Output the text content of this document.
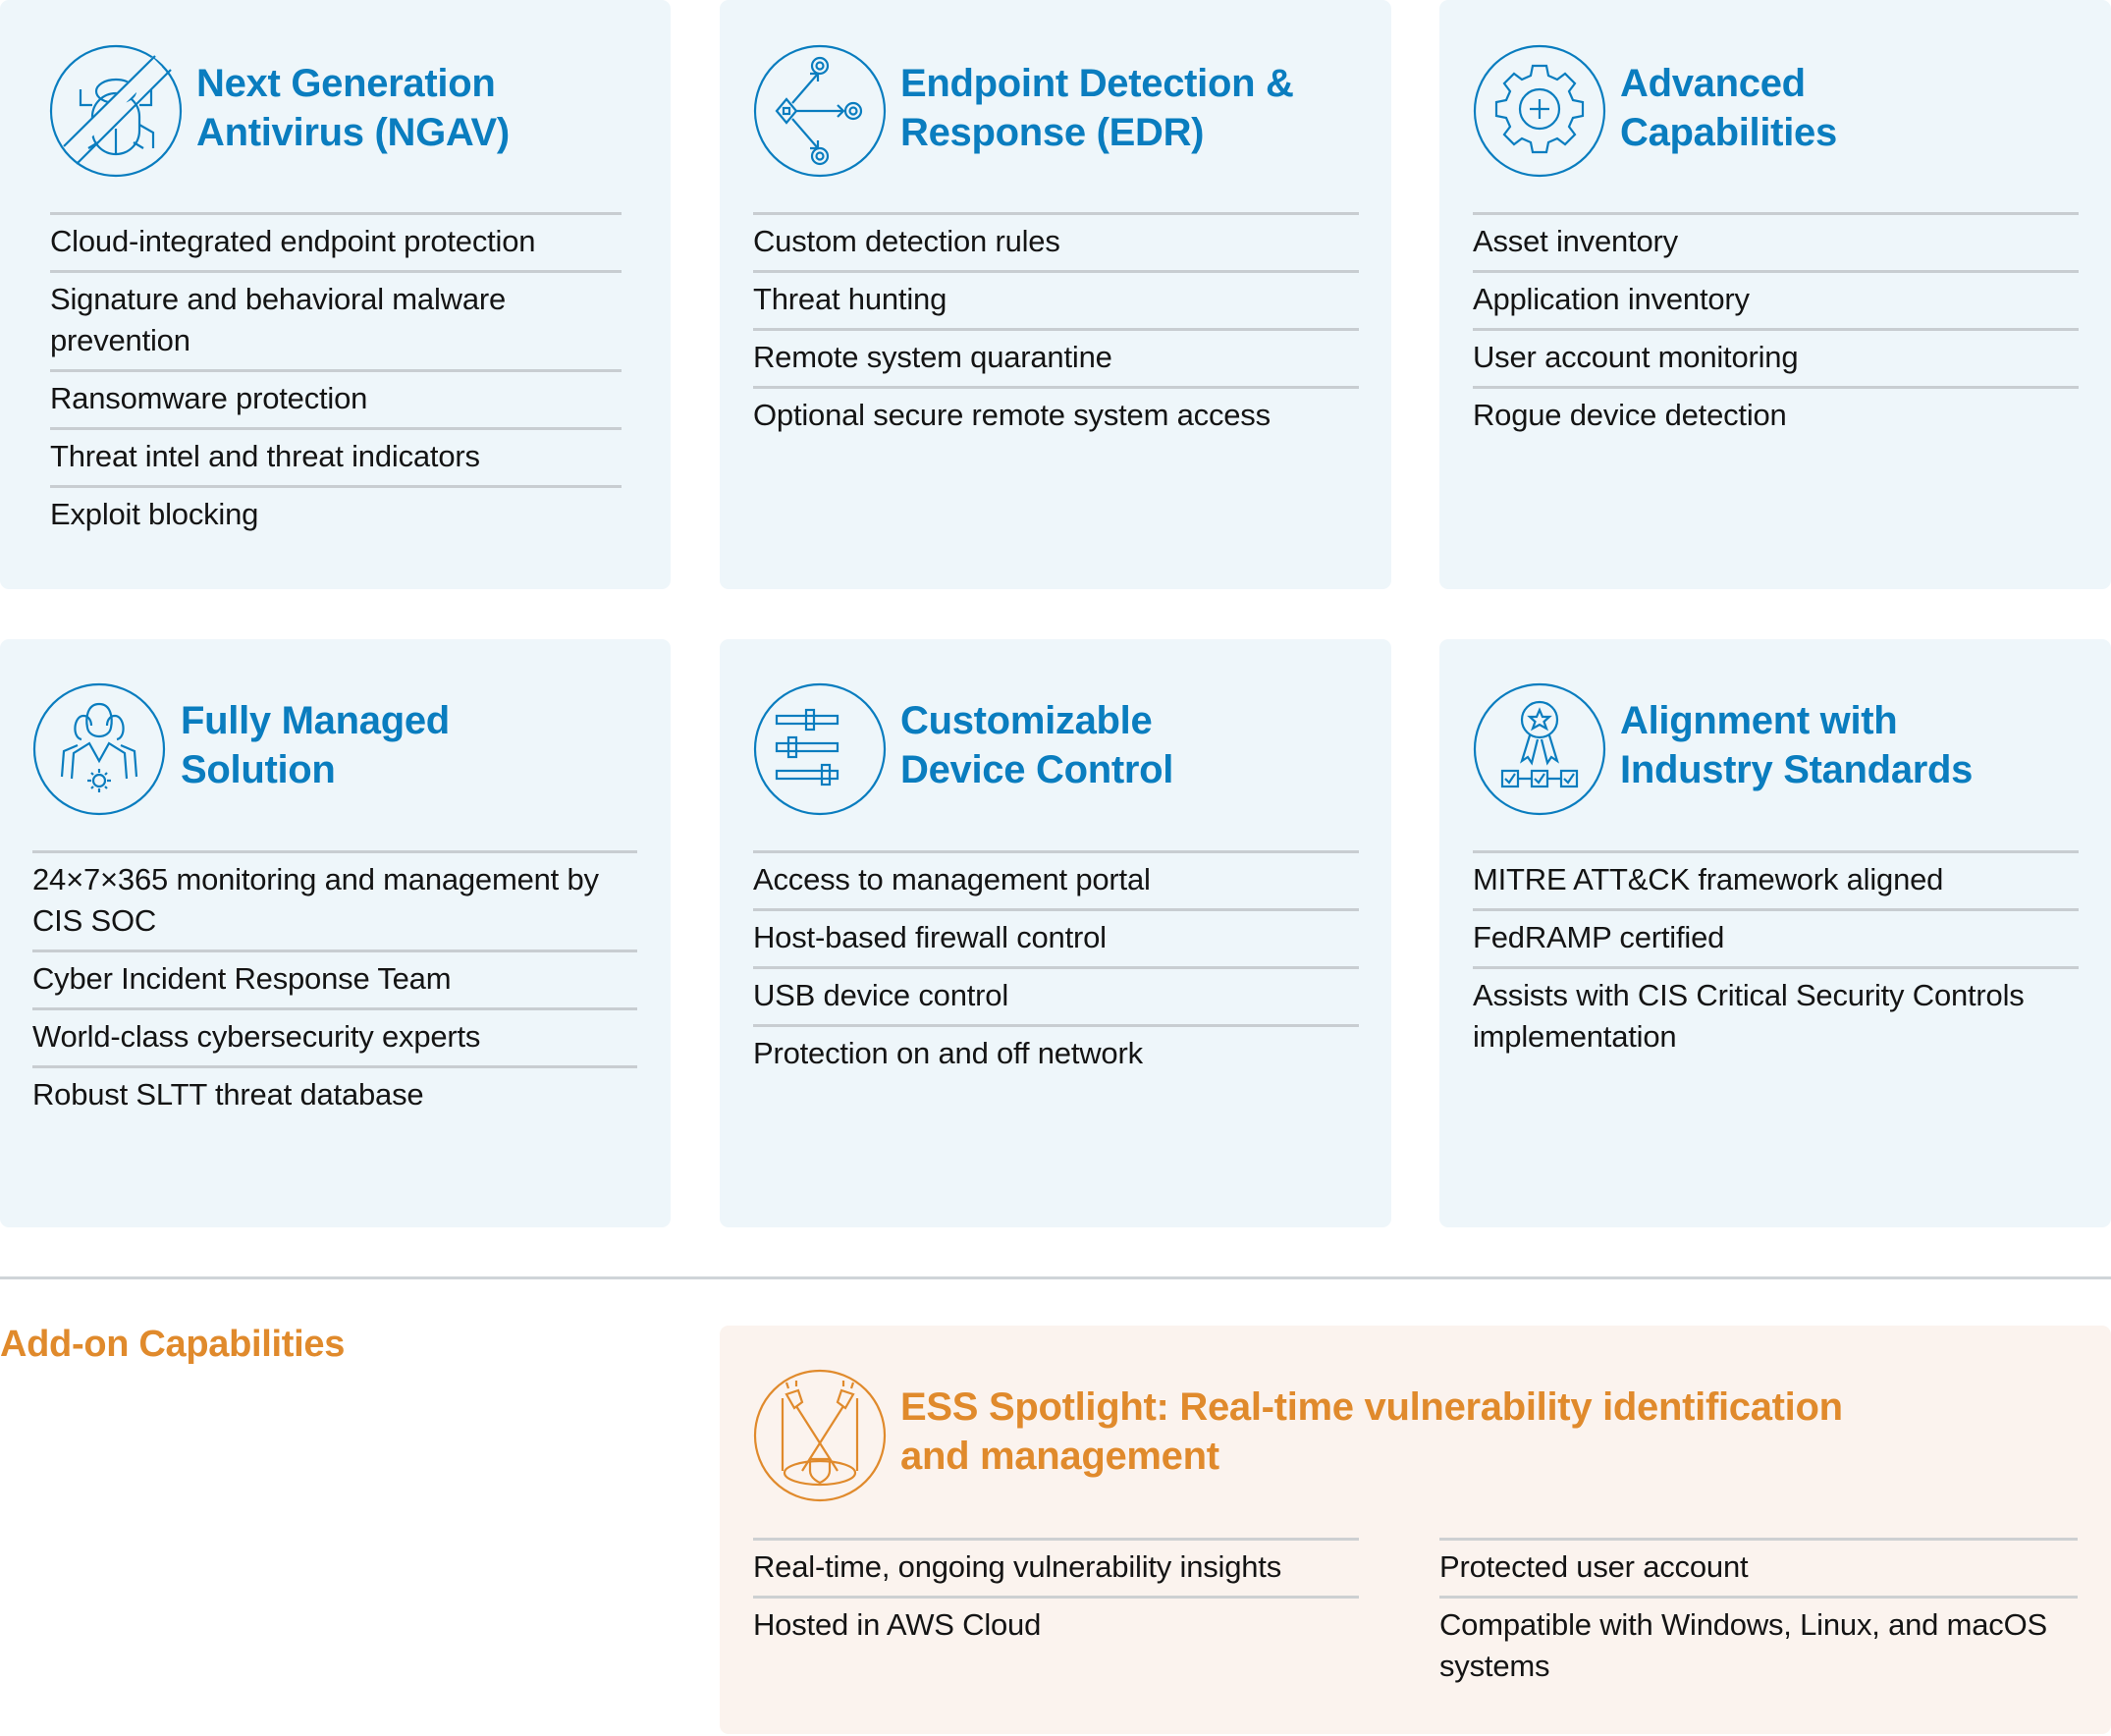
Next Generation
Antivirus (NGAV)
Cloud-integrated endpoint protection
Signature and behavioral malware prevention
Ransomware protection
Threat intel and threat indicators
Exploit blocking
Endpoint Detection &
Response (EDR)
Custom detection rules
Threat hunting
Remote system quarantine
Optional secure remote system access
Advanced
Capabilities
Asset inventory
Application inventory
User account monitoring
Rogue device detection
Fully Managed
Solution
24×7×365 monitoring and management by CIS SOC
Cyber Incident Response Team
World-class cybersecurity experts
Robust SLTT threat database
Customizable
Device Control
Access to management portal
Host-based firewall control
USB device control
Protection on and off network
Alignment with
Industry Standards
MITRE ATT&CK framework aligned
FedRAMP certified
Assists with CIS Critical Security Controls implementation
Add-on Capabilities
ESS Spotlight: Real-time vulnerability identification
and management
Real-time, ongoing vulnerability insights
Hosted in AWS Cloud
Protected user account
Compatible with Windows, Linux, and macOS systems
